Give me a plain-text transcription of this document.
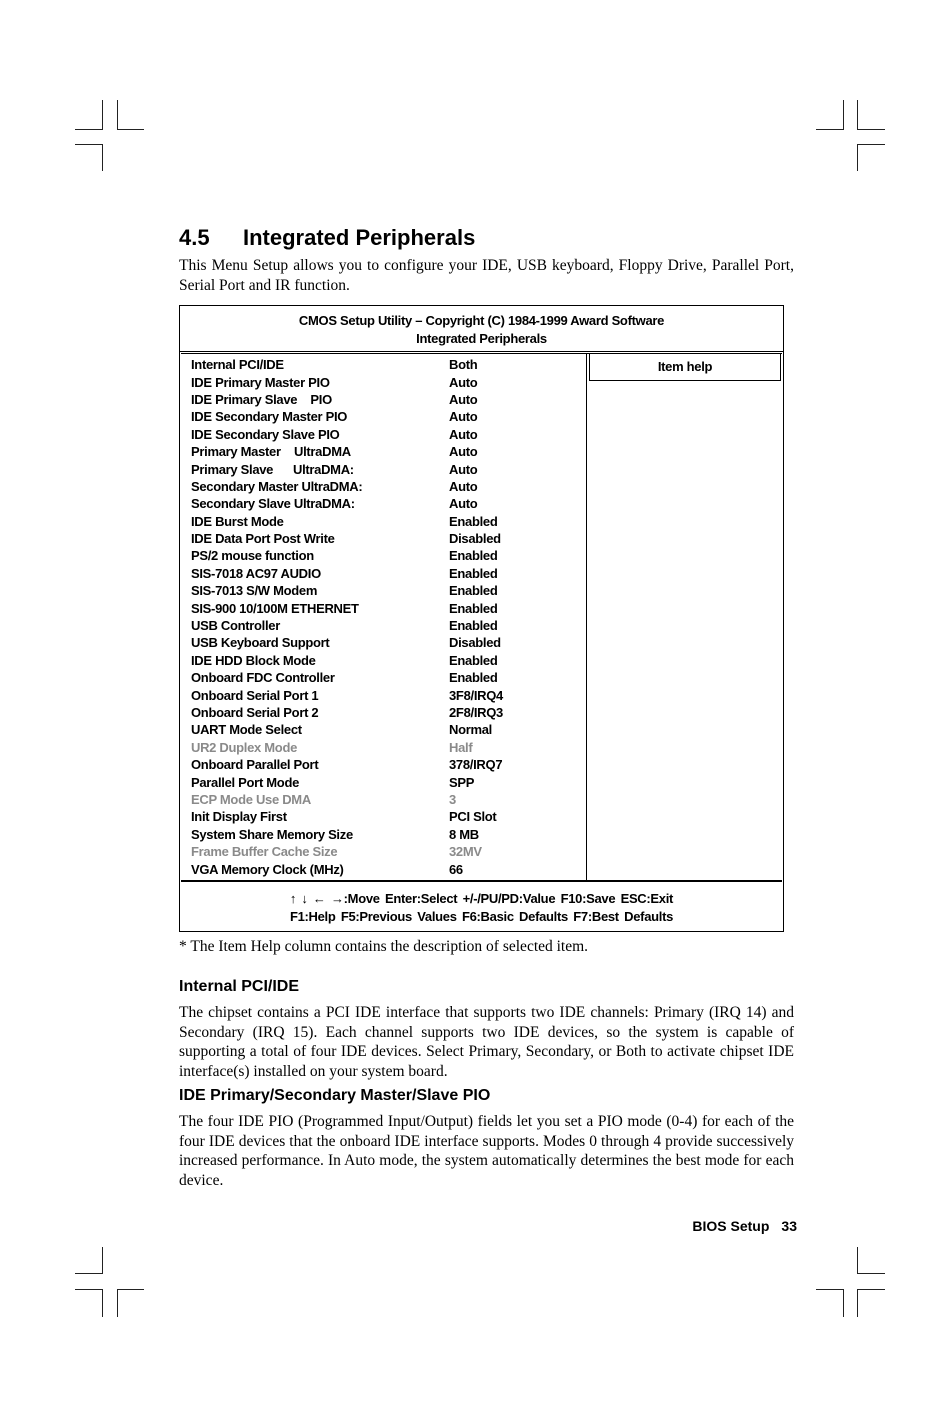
4.5 Integrated Peripherals

This Menu Setup allows you to configure your IDE, USB keyboard, Floppy Drive, Parallel Port, Serial Port and IR function.

CMOS Setup Utility – Copyright (C) 1984-1999 Award Software
Integrated Peripherals
Internal PCI/IDE	Both
IDE Primary Master PIO	Auto
IDE Primary Slave    PIO	Auto
IDE Secondary Master PIO	Auto
IDE Secondary Slave PIO	Auto
Primary Master    UltraDMA	Auto
Primary Slave      UltraDMA:	Auto
Secondary Master UltraDMA:	Auto
Secondary Slave UltraDMA:	Auto
IDE Burst Mode	Enabled
IDE Data Port Post Write	Disabled
PS/2 mouse function	Enabled
SIS-7018 AC97 AUDIO	Enabled
SIS-7013 S/W Modem	Enabled
SIS-900 10/100M ETHERNET	Enabled
USB Controller	Enabled
USB Keyboard Support	Disabled
IDE HDD Block Mode	Enabled
Onboard FDC Controller	Enabled
Onboard Serial Port 1	3F8/IRQ4
Onboard Serial Port 2	2F8/IRQ3
UART Mode Select	Normal
UR2 Duplex Mode	Half
Onboard Parallel Port	378/IRQ7
Parallel Port Mode	SPP
ECP Mode Use DMA	3
Init Display First	PCI Slot
System Share Memory Size	8 MB
Frame Buffer Cache Size	32MV
VGA Memory Clock (MHz)	66
Item help
↑ ↓ ← →:Move Enter:Select +/-/PU/PD:Value F10:Save ESC:Exit
F1:Help F5:Previous Values F6:Basic Defaults F7:Best Defaults
* The Item Help column contains the description of selected item.
Internal PCI/IDE

The chipset contains a PCI IDE interface that supports two IDE channels: Primary (IRQ 14) and Secondary (IRQ 15). Each channel supports two IDE devices, so the system is capable of supporting a total of four IDE devices. Select Primary, Secondary, or Both to activate chipset IDE interface(s) installed on your system board.

IDE Primary/Secondary Master/Slave PIO

The four IDE PIO (Programmed Input/Output) fields let you set a PIO mode (0-4) for each of the four IDE devices that the onboard IDE interface supports. Modes 0 through 4 provide successively increased performance. In Auto mode, the system automatically determines the best mode for each device.

BIOS Setup 33
